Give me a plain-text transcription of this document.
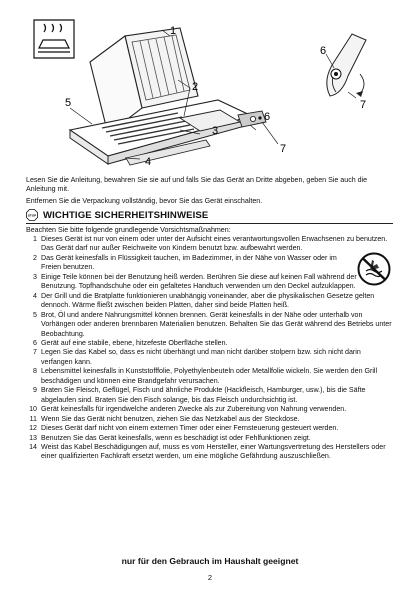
1
2
3
4
5
6
7
6
7

Lesen Sie die Anleitung, bewahren Sie sie auf und falls Sie das Gerät an Dritte abgeben, geben Sie auch die Anleitung mit.

Entfernen Sie die Verpackung vollständig, bevor Sie das Gerät einschalten.

STOP WICHTIGE SICHERHEITSHINWEISE
Beachten Sie bitte folgende grundlegende Vorsichtsmaßnahmen:
1 Dieses Gerät ist nur von einem oder unter der Aufsicht eines verantwortungsvollen Erwachsenen zu benutzen. Das Gerät darf nur außer Reichweite von Kindern benutzt bzw. aufbewahrt werden.
2 Das Gerät keinesfalls in Flüssigkeit tauchen, im Badezimmer, in der Nähe von Wasser oder im Freien benutzen.
3 Einige Teile können bei der Benutzung heiß werden. Berühren Sie diese auf keinen Fall während der Benutzung. Topfhandschuhe oder ein gefaltetes Handtuch verwenden um den Deckel aufzuklappen.
4 Der Grill und die Bratplatte funktionieren unabhängig voneinander, aber die physikalischen Gesetze gelten dennoch. Wärme fließt zwischen beiden Platten, daher sind beide Platten heiß.
5 Brot, Öl und andere Nahrungsmittel können brennen. Gerät keinesfalls in der Nähe oder unterhalb von Vorhängen oder anderen brennbaren Materialien benutzen. Behalten Sie das Gerät während des Betriebs unter Beobachtung.
6 Gerät auf eine stabile, ebene, hitzefeste Oberfläche stellen.
7 Legen Sie das Kabel so, dass es nicht überhängt und man nicht darüber stolpern bzw. sich nicht darin verfangen kann.
8 Lebensmittel keinesfalls in Kunststofffolie, Polyethylenbeuteln oder Metallfolie wickeln. Sie werden den Grill beschädigen und können eine Brandgefahr verursachen.
9 Braten Sie Fleisch, Geflügel, Fisch und ähnliche Produkte (Hackfleisch, Hamburger, usw.), bis die Säfte abgelaufen sind. Braten Sie den Fisch solange, bis das Fleisch undurchsichtig ist.
10 Gerät keinesfalls für irgendwelche anderen Zwecke als zur Zubereitung von Nahrung verwenden.
11 Wenn Sie das Gerät nicht benutzen, ziehen Sie das Netzkabel aus der Steckdose.
12 Dieses Gerät darf nicht von einem externen Timer oder einer Fernsteuerung gesteuert werden.
13 Benutzen Sie das Gerät keinesfalls, wenn es beschädigt ist oder Fehlfunktionen zeigt.
14 Weist das Kabel Beschädigungen auf, muss es vom Hersteller, einer Wartungsvertretung des Herstellers oder einer qualifizierten Fachkraft ersetzt werden, um eine mögliche Gefährdung auszuschließen.
nur für den Gebrauch im Haushalt geeignet
2
